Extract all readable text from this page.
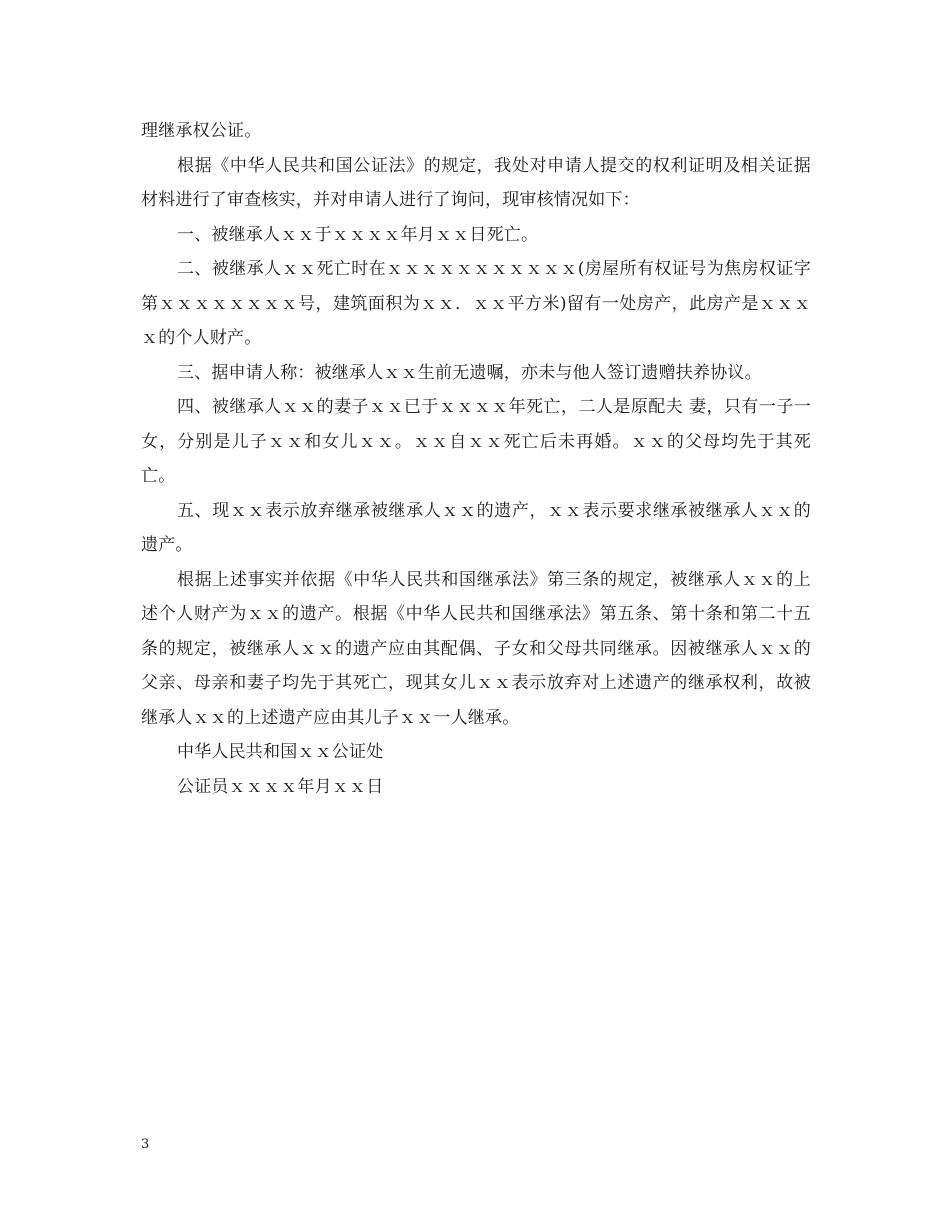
理继承权公证。

根据《中华人民共和国公证法》的规定，我处对申请人提交的权利证明及相关证据材料进行了审查核实，并对申请人进行了询问，现审核情况如下：

一、被继承人ｘｘ于ｘｘｘｘ年月ｘｘ日死亡。

二、被继承人ｘｘ死亡时在ｘｘｘｘｘｘｘｘｘｘｘ(房屋所有权证号为焦房权证字第ｘｘｘｘｘｘｘｘ号，建筑面积为ｘｘ．ｘｘ平方米)留有一处房产，此房产是ｘｘｘｘ的个人财产。

三、据申请人称：被继承人ｘｘ生前无遗嘱，亦未与他人签订遗赠扶养协议。

四、被继承人ｘｘ的妻子ｘｘ已于ｘｘｘｘ年死亡，二人是原配夫 妻，只有一子一女，分别是儿子ｘｘ和女儿ｘｘ。ｘｘ自ｘｘ死亡后未再婚。ｘｘ的父母均先于其死亡。

五、现ｘｘ表示放弃继承被继承人ｘｘ的遗产，ｘｘ表示要求继承被继承人ｘｘ的遗产。

根据上述事实并依据《中华人民共和国继承法》第三条的规定，被继承人ｘｘ的上述个人财产为ｘｘ的遗产。根据《中华人民共和国继承法》第五条、第十条和第二十五条的规定，被继承人ｘｘ的遗产应由其配偶、子女和父母共同继承。因被继承人ｘｘ的父亲、母亲和妻子均先于其死亡，现其女儿ｘｘ表示放弃对上述遗产的继承权利，故被继承人ｘｘ的上述遗产应由其儿子ｘｘ一人继承。

中华人民共和国ｘｘ公证处

公证员ｘｘｘｘ年月ｘｘ日

3
